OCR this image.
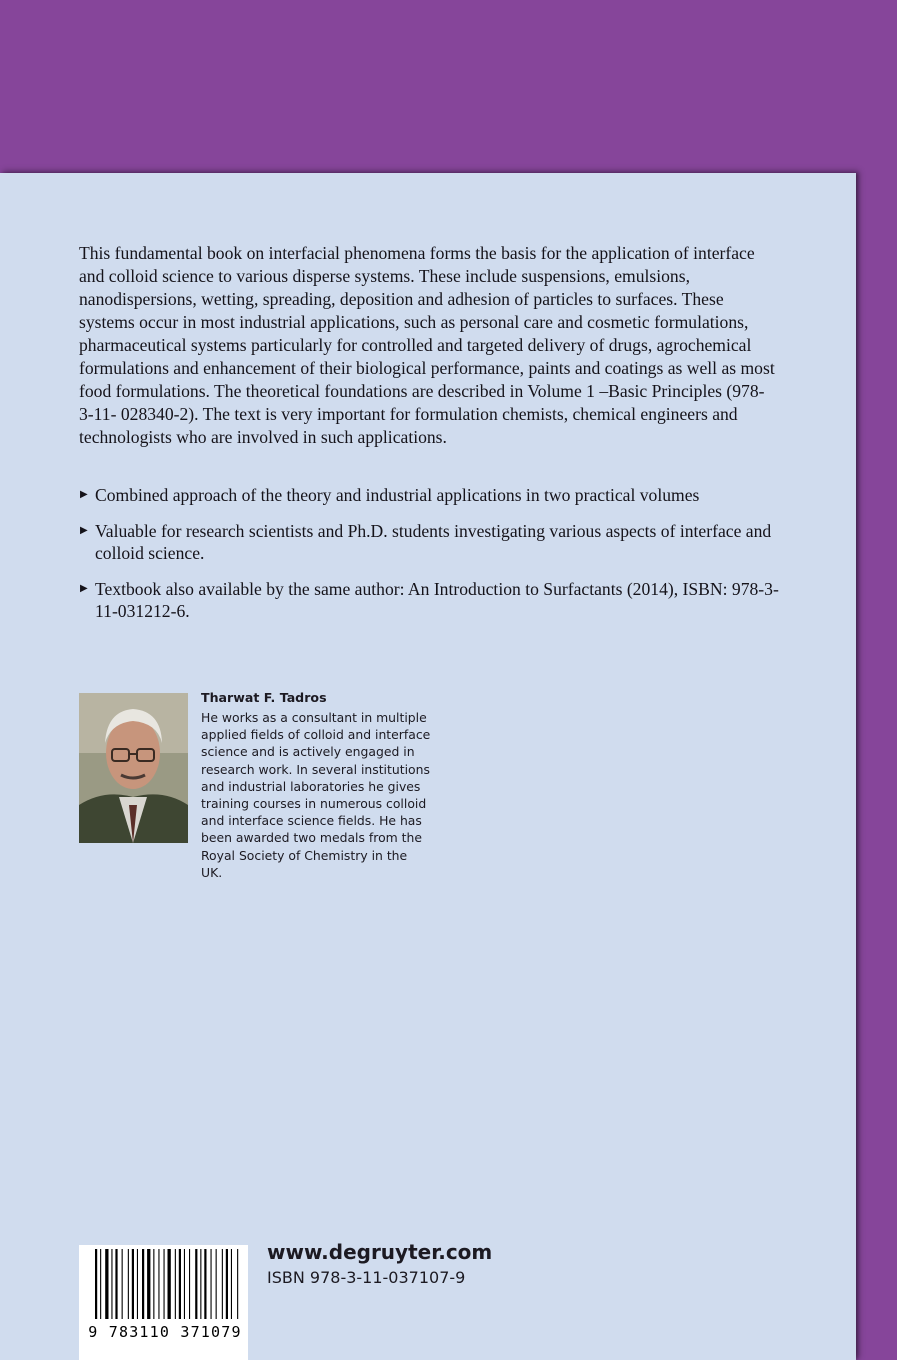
This fundamental book on interfacial phenomena forms the basis for the application of interface and colloid science to various disperse systems. These include suspensions, emulsions, nanodispersions, wetting, spreading, deposition and adhesion of particles to surfaces. These systems occur in most industrial applications, such as personal care and cosmetic formulations, pharmaceutical systems particularly for controlled and targeted delivery of drugs, agrochemical formulations and enhancement of their biological performance, paints and coatings as well as most food formulations. The theoretical foundations are described in Volume 1 –Basic Principles (978-3-11- 028340-2). The text is very important for formulation chemists, chemical engineers and technologists who are involved in such applications.

▶ Combined approach of the theory and industrial applications in two practical volumes
▶ Valuable for research scientists and Ph.D. students investigating various aspects of interface and colloid science.
▶ Textbook also available by the same author: An Introduction to Surfactants (2014), ISBN: 978-3-11-031212-6.

Tharwat F. Tadros

He works as a consultant in multiple applied fields of colloid and interface science and is actively engaged in research work. In several institutions and industrial laboratories he gives training courses in numerous colloid and interface science fields. He has been awarded two medals from the Royal Society of Chemistry in the UK.

9 783110 371079

www.degruyter.com

ISBN 978-3-11-037107-9
